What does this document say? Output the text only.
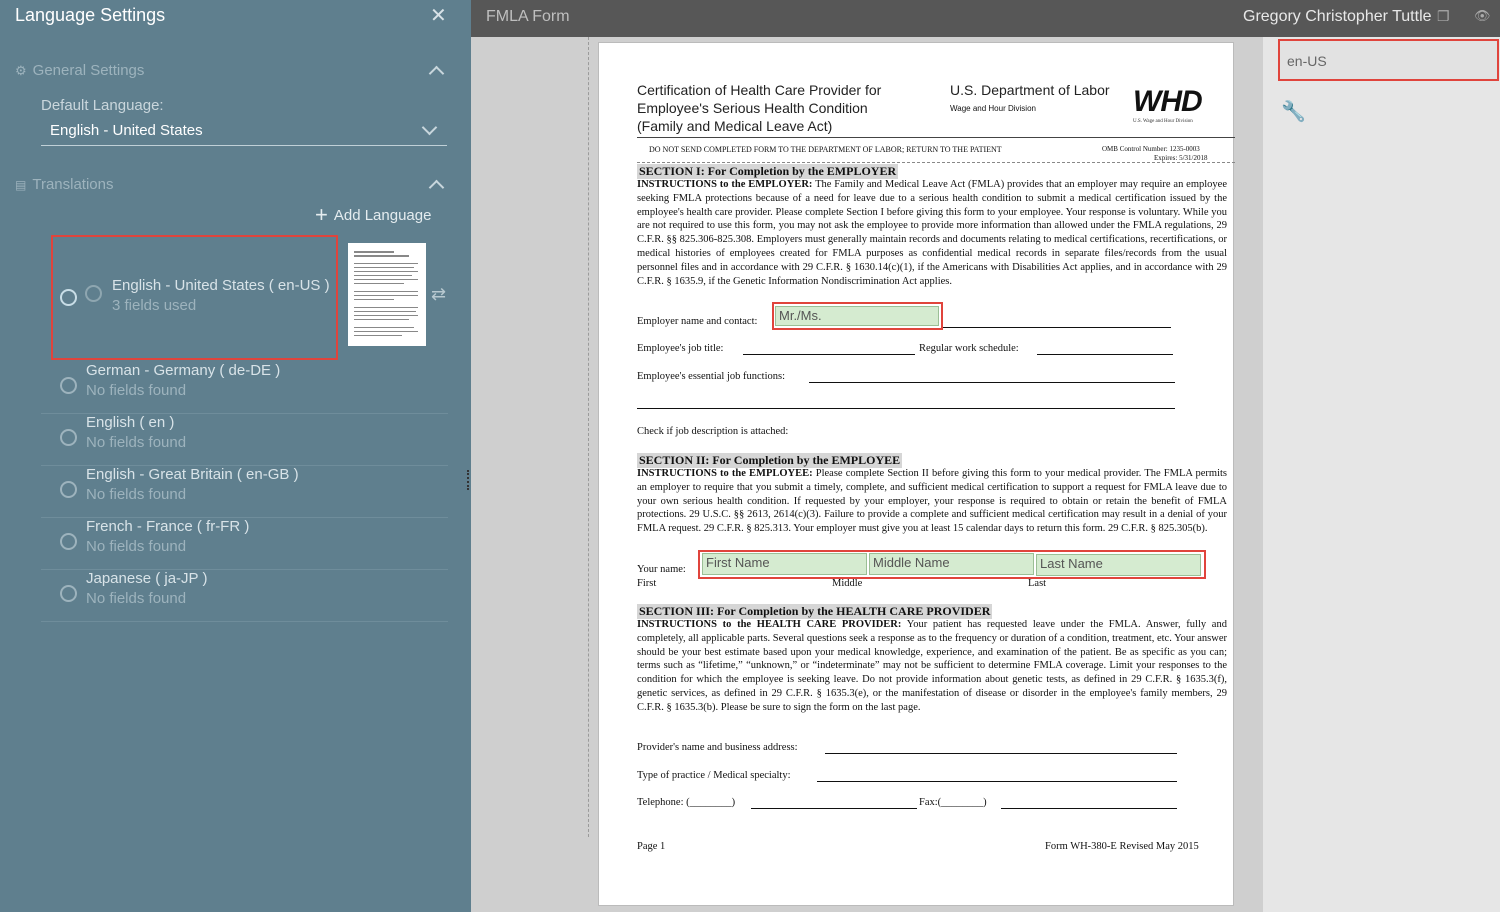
Language Settings	✕
⚙ General Settings
Default Language:
English - United States
▤ Translations
+ Add Language
English - United States ( en-US )
3 fields used
⇄
German - Germany ( de-DE )
No fields found
English ( en )
No fields found
English - Great Britain ( en-GB )
No fields found
French - France ( fr-FR )
No fields found
Japanese ( ja-JP )
No fields found
FMLA Form	Gregory Christopher Tuttle ❐ 👁
Certification of Health Care Provider for
Employee's Serious Health Condition
(Family and Medical Leave Act)
U.S. Department of Labor
Wage and Hour Division	WHD
U.S. Wage and Hour Division
DO NOT SEND COMPLETED FORM TO THE DEPARTMENT OF LABOR; RETURN TO THE PATIENT	OMB Control Number: 1235-0003
Expires: 5/31/2018
SECTION I: For Completion by the EMPLOYER
INSTRUCTIONS to the EMPLOYER: The Family and Medical Leave Act (FMLA) provides that an employer may require an employee seeking FMLA protections because of a need for leave due to a serious health condition to submit a medical certification issued by the employee's health care provider. Please complete Section I before giving this form to your employee. Your response is voluntary. While you are not required to use this form, you may not ask the employee to provide more information than allowed under the FMLA regulations, 29 C.F.R. §§ 825.306-825.308. Employers must generally maintain records and documents relating to medical certifications, recertifications, or medical histories of employees created for FMLA purposes as confidential medical records in separate files/records from the usual personnel files and in accordance with 29 C.F.R. § 1630.14(c)(1), if the Americans with Disabilities Act applies, and in accordance with 29 C.F.R. § 1635.9, if the Genetic Information Nondiscrimination Act applies.
Employer name and contact:	Mr./Ms.
Employee's job title:	Regular work schedule:
Employee's essential job functions:
Check if job description is attached:
SECTION II: For Completion by the EMPLOYEE
INSTRUCTIONS to the EMPLOYEE: Please complete Section II before giving this form to your medical provider. The FMLA permits an employer to require that you submit a timely, complete, and sufficient medical certification to support a request for FMLA leave due to your own serious health condition. If requested by your employer, your response is required to obtain or retain the benefit of FMLA protections. 29 U.S.C. §§ 2613, 2614(c)(3). Failure to provide a complete and sufficient medical certification may result in a denial of your FMLA request. 29 C.F.R. § 825.313. Your employer must give you at least 15 calendar days to return this form. 29 C.F.R. § 825.305(b).
Your name:	First Name	Middle Name	Last Name
First	Middle	Last
SECTION III: For Completion by the HEALTH CARE PROVIDER
INSTRUCTIONS to the HEALTH CARE PROVIDER: Your patient has requested leave under the FMLA. Answer, fully and completely, all applicable parts. Several questions seek a response as to the frequency or duration of a condition, treatment, etc. Your answer should be your best estimate based upon your medical knowledge, experience, and examination of the patient. Be as specific as you can; terms such as “lifetime,” “unknown,” or “indeterminate” may not be sufficient to determine FMLA coverage. Limit your responses to the condition for which the employee is seeking leave. Do not provide information about genetic tests, as defined in 29 C.F.R. § 1635.3(f), genetic services, as defined in 29 C.F.R. § 1635.3(e), or the manifestation of disease or disorder in the employee's family members, 29 C.F.R. § 1635.3(b). Please be sure to sign the form on the last page.
Provider's name and business address:
Type of practice / Medical specialty:
Telephone: (________)	Fax:(________)
Page 1	Form WH-380-E Revised May 2015
en-US
🔧
